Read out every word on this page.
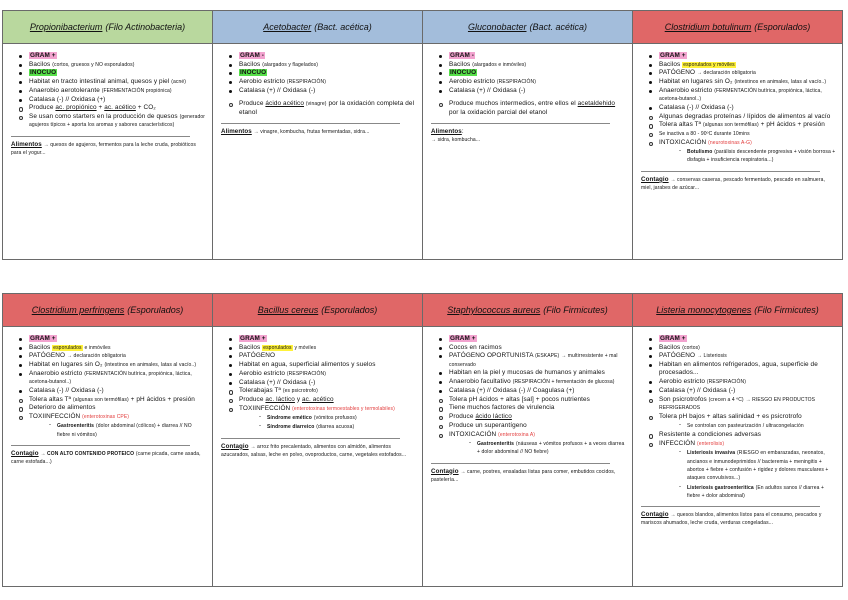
Propionibacterium (Filo Actinobacteria)
GRAM +
Bacilos (cortos, gruesos y NO esporulados)
INOCUO
Habitat en tracto intestinal animal, quesos y piel (acné)
Anaerobio aerotolerante (FERMENTACIÓN propiónica)
Catalasa (-) // Oxidasa (+)
Produce ac. propiónico + ac. acético + CO₂
Se usan como starters en la producción de quesos (generador agujeros típicos + aporta los aromas y sabores característicos)
Alimentos → quesos de agujeros, fermentos para la leche cruda, probióticos para el yogur...
Acetobacter (Bact. acética)
GRAM -
Bacilos (alargados y flagelados)
INOCUO
Aerobio estricto (RESPIRACIÓN)
Catalasa (+) // Oxidasa (-)
Produce ácido acético (vinagre) por la oxidación completa del etanol
Alimentos → vinagre, kombucha, frutas fermentadas, sidra...
Gluconobacter (Bact. acética)
GRAM -
Bacilos (alargados e inmóviles)
INOCUO
Aerobio estricto (RESPIRACIÓN)
Catalasa (+) // Oxidasa (-)
Produce muchos intermedios, entre ellos el acetaldehido por la oxidación parcial del etanol
Alimentos:
→ sidra, kombucha...
Clostridium botulinum (Esporulados)
GRAM +
Bacilos esporulados y móviles
PATÓGENO → declaración obligatoria
Habitat en lugares sin O₂ (intestinos en animales, latas al vacío..)
Anaerobio estricto (FERMENTACIÓN butírica, propiónica, láctica, acetona-butanol..)
Catalasa (-) // Oxidasa (-)
Algunas degradas proteínas / lípidos de alimentos al vacío
Tolera altas Tª (algunas son termófilas) + pH ácidos + presión
Se inactiva a 80 - 90ºC durante 10mins
INTOXICACIÓN (neurotoxinas A-G)
- Botulismo (parálisis descendente progresiva + visión borrosa + disfagia + insuficiencia respiratoria...)
Contagio → conservas caseras, pescado fermentado, pescado en salmuera, miel, jarabes de azúcar...
Clostridium perfringens (Esporulados)
GRAM +
Bacilos esporulados e inmóviles
PATÓGENO → declaración obligatoria
Habitat en lugares sin O₂ (intestinos en animales, latas al vacío..)
Anaerobio estricto (FERMENTACIÓN butírica, propiónica, láctica, acetona-butanol..)
Catalasa (-) // Oxidasa (-)
Tolera altas Tª (algunas son termófilas) + pH ácidos + presión
Deterioro de alimentos
TOXIINFECCIÓN (enterotoxinas CPE)
- Gastroenteritis (dolor abdominal (cólicos) + diarrea // NO fiebre ni vómitos)
Contagio → CON ALTO CONTENIDO PROTEICO (carne picada, carne asada, carne estofada...)
Bacillus cereus (Esporulados)
GRAM +
Bacilos esporulados y móviles
PATÓGENO
Habitat en agua, superficial alimentos y suelos
Aerobio estricto (RESPIRACIÓN)
Catalasa (+) // Oxidasa (-)
Tolerabajas Tª (es psicrotrofo)
Produce ac. láctico y ac. acético
TOXIINFECCIÓN (enterotoxinas termoestables y termolabiles)
- Síndrome emético (vómitos profusos)
- Síndrome diarreico (diarrea acuosa)
Contagio → arroz frito precalentado, alimentos con almidón, alimentos azucarados, salsas, leche en polvo, ovoproductos, carne, vegetales estofados...
Staphylococcus aureus (Filo Firmicutes)
GRAM +
Cocos en racimos
PATÓGENO OPORTUNISTA (ESKAPE) → multirresistente + mal conservado
Habitan en la piel y mucosas de humanos y animales
Anaerobio facultativo (RESPIRACIÓN + fermentación de glucosa)
Catalasa (+) // Oxidasa (-) // Coagulasa (+)
Tolera pH ácidos + altas [sal] + pocos nutrientes
Tiene muchos factores de virulencia
Produce ácido láctico
Produce un superantígeno
INTOXICACIÓN (enterotoxina A)
- Gastroenteritis (náuseas + vómitos profusos + a veces diarrea + dolor abdominal // NO fiebre)
Contagio → carne, postres, ensaladas listas para comer, embutidos cocidos, pastelería...
Listeria monocytogenes (Filo Firmicutes)
GRAM +
Bacilos (cortos)
PATÓGENO → Listeriosis
Habitan en alimentos refrigerados, agua, superficie de procesados...
Aerobio estricto (RESPIRACIÓN)
Catalasa (+) // Oxidasa (-)
Son psicrotrofos (crecen a 4 ºC) → RIESGO EN PRODUCTOS REFRIGERADOS
Tolera pH bajos + altas salinidad + es psicrotrofo
- Se controlan con pasteurización / ultracongelación
Resistente a condiciones adversas
INFECCIÓN (enterolisis)
- Listeriosis invasiva (RIESGO en embarazadas, neonatos, ancianos e inmunodeprimidos // bacteremia + meningitis + abortos + fiebre + confusión + rigidez y dolores musculares + ataques convulsivos...)
- Listeriosis gastroenteritica (En adultos sanos // diarrea + fiebre + dolor abdominal)
Contagio → quesos blandos, alimentos listos para el consumo, pescados y mariscos ahumados, leche cruda, verduras congeladas...
